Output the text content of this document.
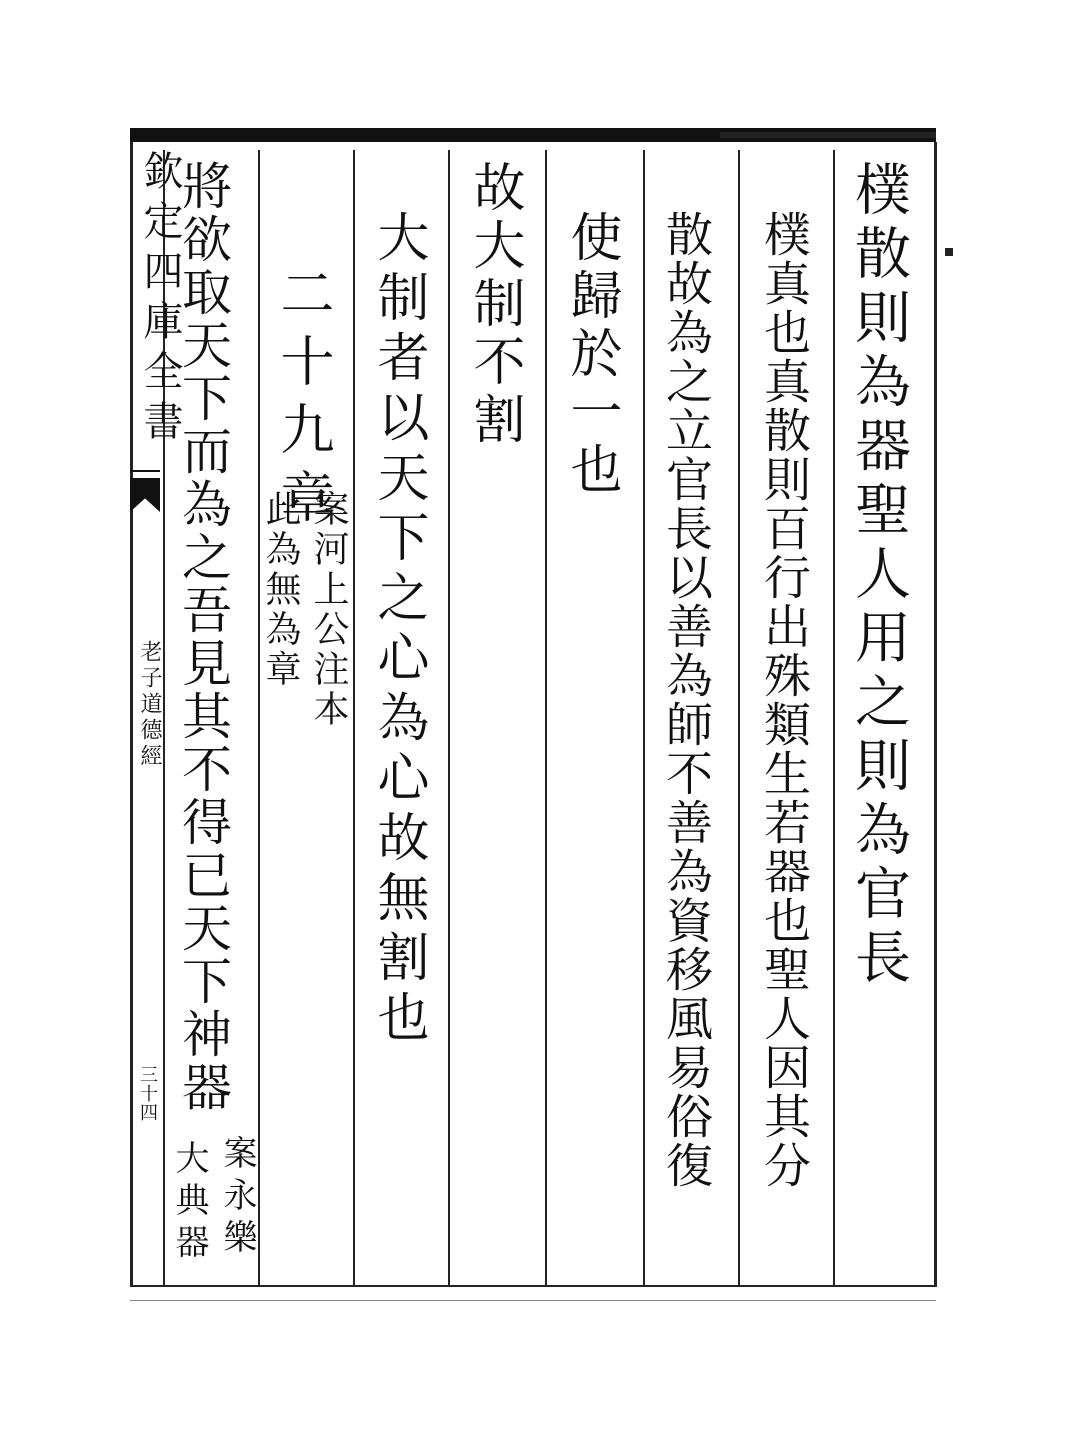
欽定四庫全書
老子道德經
三十四
樸散則為器聖人用之則為官長
樸真也真散則百行出殊類生若器也聖人因其分
散故為之立官長以善為師不善為資移風易俗復
使歸於一也
故大制不割
大制者以天下之心為心故無割也
二十九章
案河上公注本
此為無為章
將欲取天下而為之吾見其不得已天下神器
案永樂
大典器
